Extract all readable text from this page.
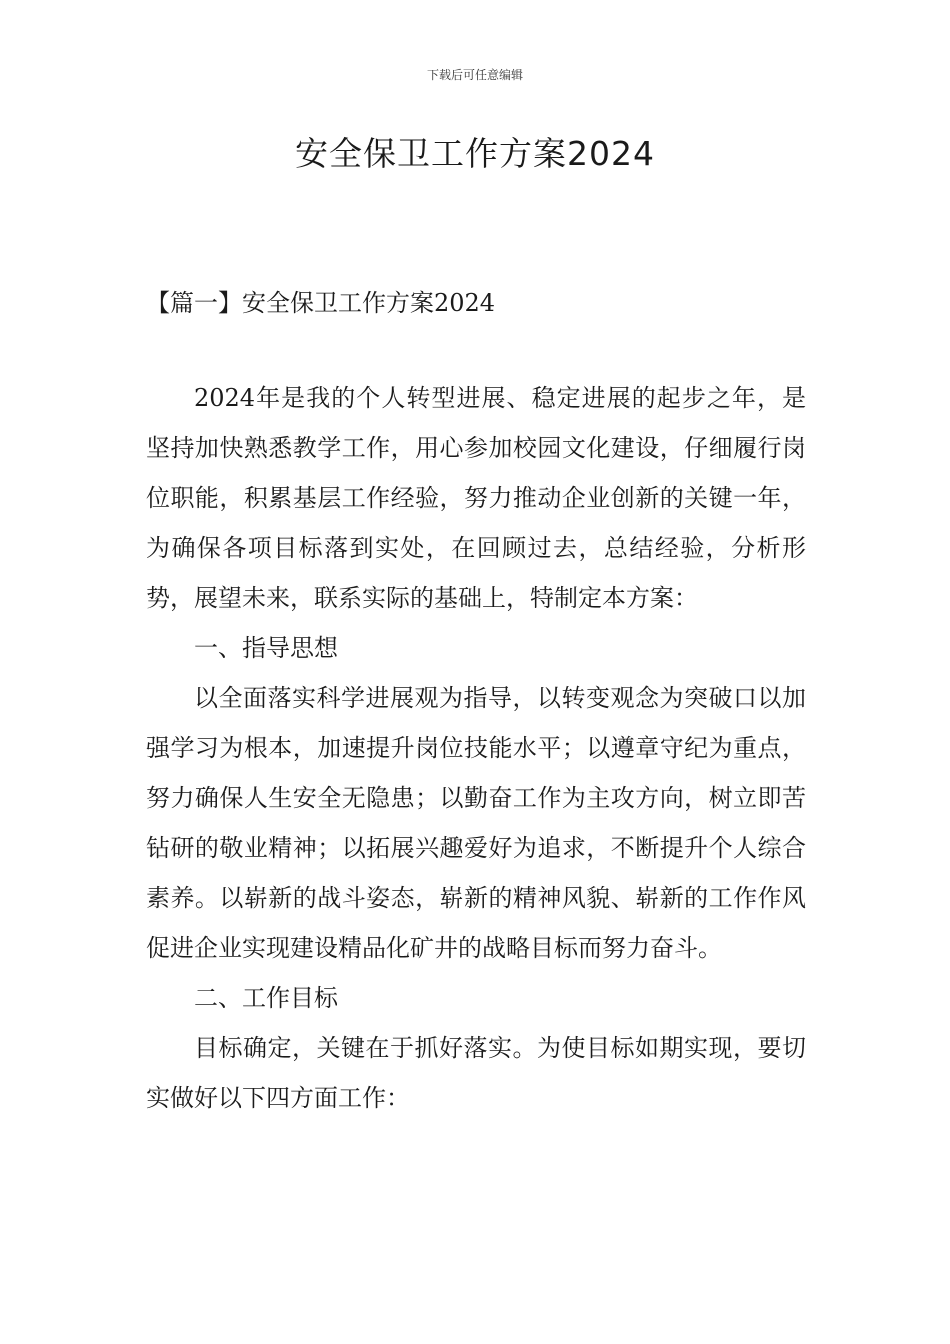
下载后可任意编辑
安全保卫工作方案2024
【篇一】安全保卫工作方案2024

2024年是我的个人转型进展、稳定进展的起步之年，是坚持加快熟悉教学工作，用心参加校园文化建设，仔细履行岗位职能，积累基层工作经验，努力推动企业创新的关键一年，为确保各项目标落到实处，在回顾过去，总结经验，分析形势，展望未来，联系实际的基础上，特制定本方案：

一、指导思想

以全面落实科学进展观为指导，以转变观念为突破口以加强学习为根本，加速提升岗位技能水平；以遵章守纪为重点，努力确保人生安全无隐患；以勤奋工作为主攻方向，树立即苦钻研的敬业精神；以拓展兴趣爱好为追求，不断提升个人综合素养。以崭新的战斗姿态，崭新的精神风貌、崭新的工作作风促进企业实现建设精品化矿井的战略目标而努力奋斗。

二、工作目标

目标确定，关键在于抓好落实。为使目标如期实现，要切实做好以下四方面工作：
